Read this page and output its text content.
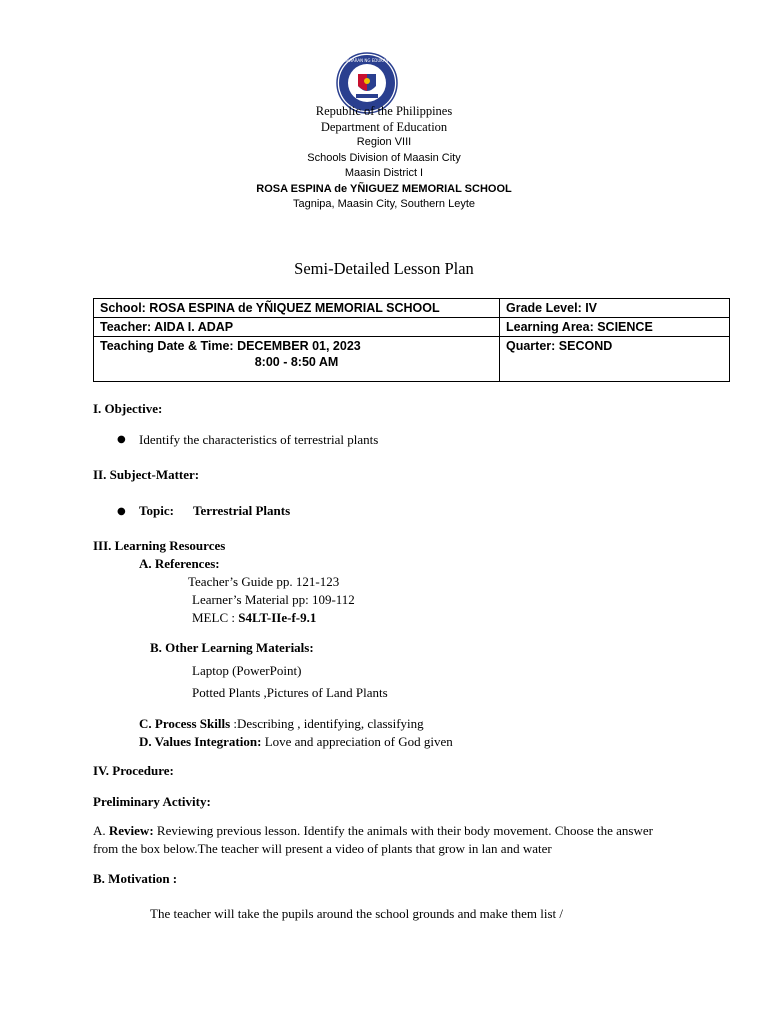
KAGAWARAN NG EDUKASYON
Republic of the Philippines
Department of Education
Region VIII
Schools Division of Maasin City
Maasin District I
ROSA ESPINA de YÑIGUEZ MEMORIAL SCHOOL
Tagnipa, Maasin City, Southern Leyte
Semi-Detailed Lesson Plan
School: ROSA ESPINA de YÑIQUEZ MEMORIAL SCHOOL	Grade Level: IV
Teacher: AIDA I. ADAP	Learning Area: SCIENCE
Teaching Date & Time: DECEMBER 01, 2023
8:00 - 8:50 AM	Quarter: SECOND
I. Objective:
● Identify the characteristics of terrestrial plants
II. Subject-Matter:
● Topic: Terrestrial Plants
III. Learning Resources
A. References:
Teacher’s Guide pp. 121-123
Learner’s Material pp: 109-112
MELC : S4LT-IIe-f-9.1
B. Other Learning Materials:
Laptop (PowerPoint)
Potted Plants ,Pictures of Land Plants
C. Process Skills :Describing , identifying, classifying
D. Values Integration: Love and appreciation of God given
IV. Procedure:
Preliminary Activity:
A. Review: Reviewing previous lesson. Identify the animals with their body movement. Choose the answer from the box below.The teacher will present a video of plants that grow in lan and water
B. Motivation :
The teacher will take the pupils around the school grounds and make them list /
